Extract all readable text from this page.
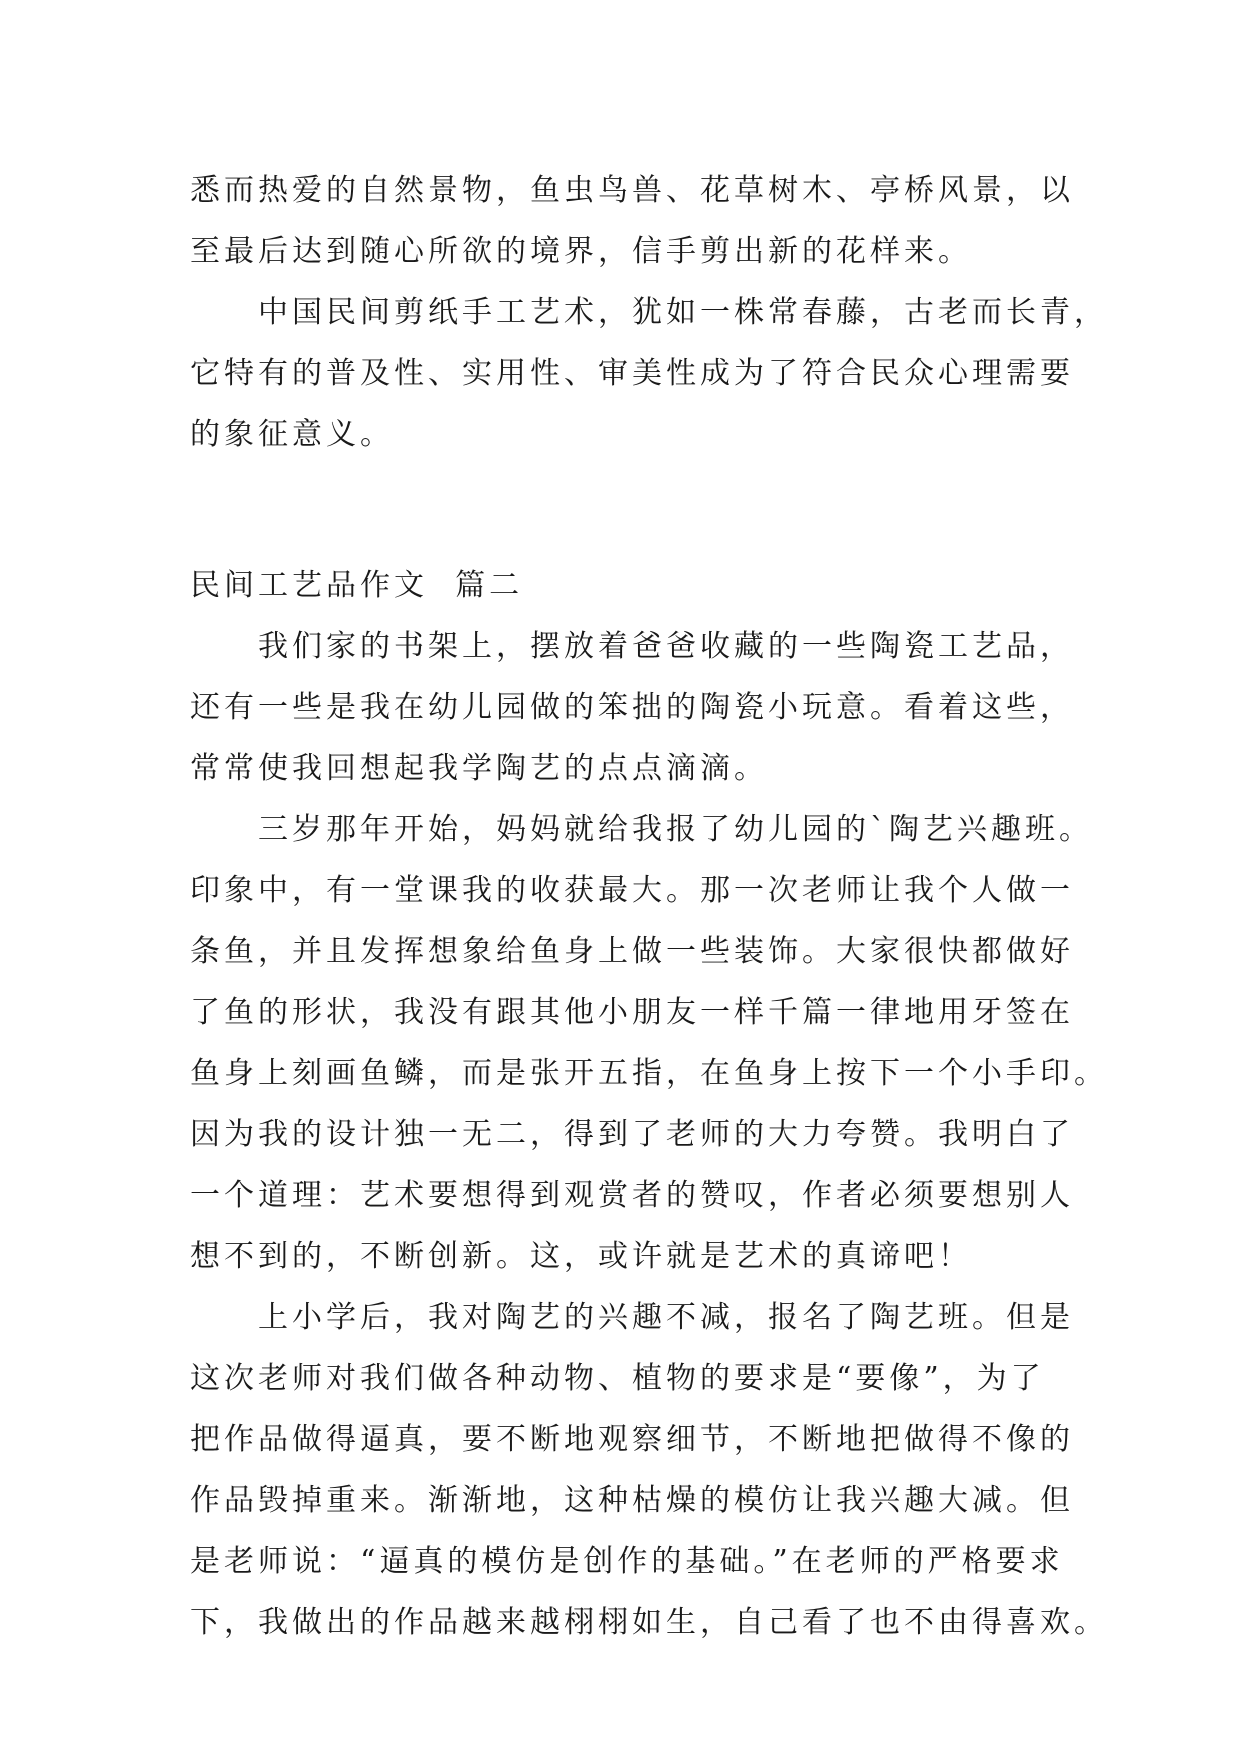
悉而热爱的自然景物，鱼虫鸟兽、花草树木、亭桥风景，以
至最后达到随心所欲的境界，信手剪出新的花样来。

中国民间剪纸手工艺术，犹如一株常春藤，古老而长青，
它特有的普及性、实用性、审美性成为了符合民众心理需要
的象征意义。

民间工艺品作文  篇二

我们家的书架上，摆放着爸爸收藏的一些陶瓷工艺品，
还有一些是我在幼儿园做的笨拙的陶瓷小玩意。看着这些，
常常使我回想起我学陶艺的点点滴滴。

三岁那年开始，妈妈就给我报了幼儿园的`陶艺兴趣班。
印象中，有一堂课我的收获最大。那一次老师让我个人做一
条鱼，并且发挥想象给鱼身上做一些装饰。大家很快都做好
了鱼的形状，我没有跟其他小朋友一样千篇一律地用牙签在
鱼身上刻画鱼鳞，而是张开五指，在鱼身上按下一个小手印。
因为我的设计独一无二，得到了老师的大力夸赞。我明白了
一个道理：艺术要想得到观赏者的赞叹，作者必须要想别人
想不到的，不断创新。这，或许就是艺术的真谛吧！

上小学后，我对陶艺的兴趣不减，报名了陶艺班。但是
这次老师对我们做各种动物、植物的要求是“要像”，为了
把作品做得逼真，要不断地观察细节，不断地把做得不像的
作品毁掉重来。渐渐地，这种枯燥的模仿让我兴趣大减。但
是老师说：“逼真的模仿是创作的基础。”在老师的严格要求
下，我做出的作品越来越栩栩如生，自己看了也不由得喜欢。
